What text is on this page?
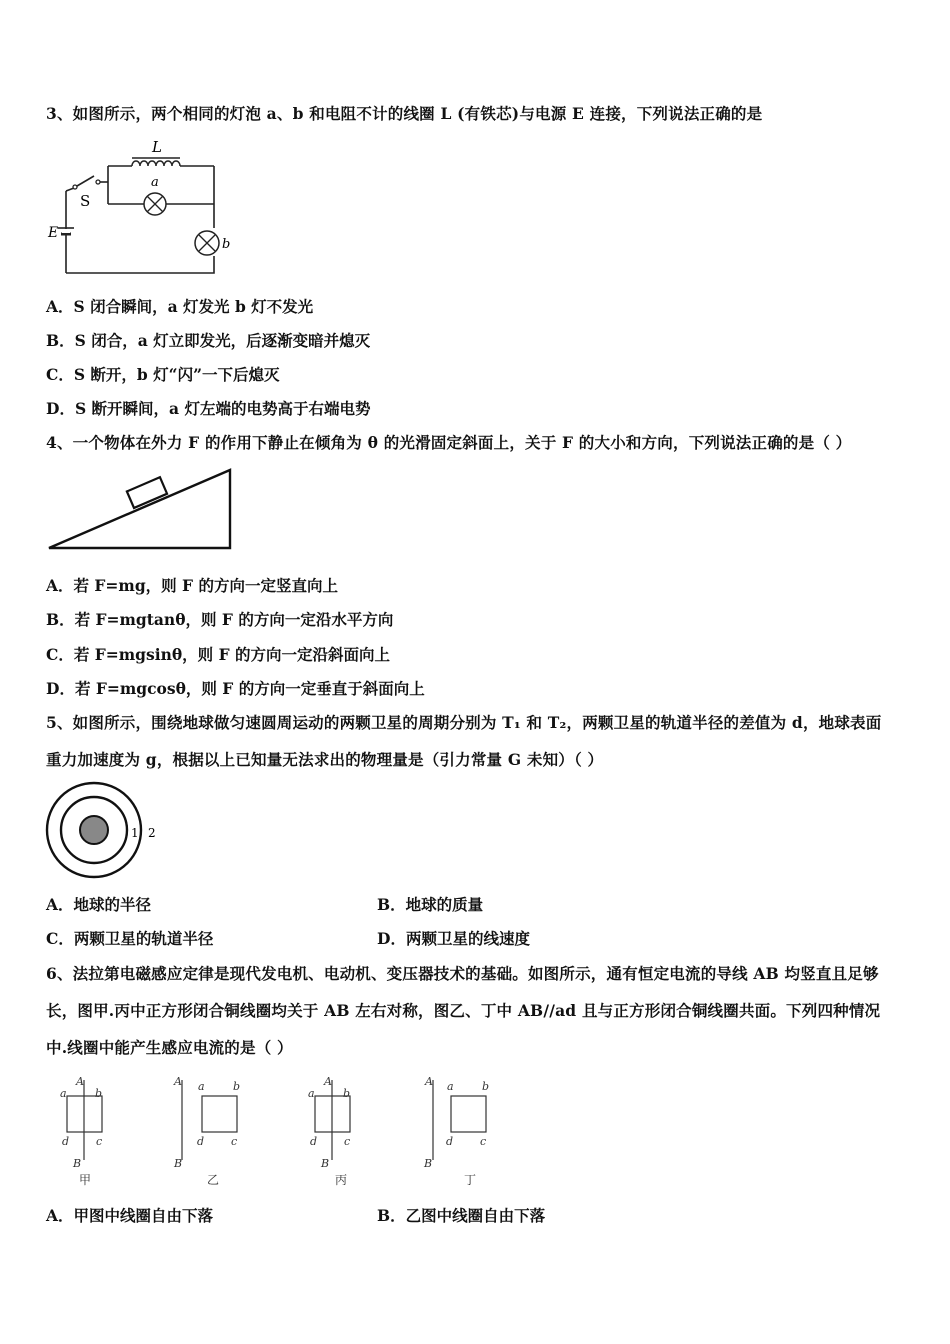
3、如图所示，两个相同的灯泡 a、b 和电阻不计的线圈 L (有铁芯)与电源 E 连接，下列说法正确的是
E
S
L
a
b
A．S 闭合瞬间，a 灯发光 b 灯不发光
B．S 闭合，a 灯立即发光，后逐渐变暗并熄灭
C．S 断开，b 灯“闪”一下后熄灭
D．S 断开瞬间，a 灯左端的电势高于右端电势
4、一个物体在外力 F 的作用下静止在倾角为 θ 的光滑固定斜面上，关于 F 的大小和方向，下列说法正确的是（ ）
A．若 F=mg，则 F 的方向一定竖直向上
B．若 F=mgtanθ，则 F 的方向一定沿水平方向
C．若 F=mgsinθ，则 F 的方向一定沿斜面向上
D．若 F=mgcosθ，则 F 的方向一定垂直于斜面向上
5、如图所示，围绕地球做匀速圆周运动的两颗卫星的周期分别为 T₁ 和 T₂，两颗卫星的轨道半径的差值为 d，地球表面
重力加速度为 g，根据以上已知量无法求出的物理量是（引力常量 G 未知）（ ）
1 2
A．地球的半径	B．地球的质量
C．两颗卫星的轨道半径	D．两颗卫星的线速度
6、法拉第电磁感应定律是现代发电机、电动机、变压器技术的基础。如图所示，通有恒定电流的导线 AB 均竖直且足够
长，图甲.丙中正方形闭合铜线圈均关于 AB 左右对称，图乙、丁中 AB//ad 且与正方形闭合铜线圈共面。下列四种情况
中.线圈中能产生感应电流的是（ ）
A
a	b
d c
B
甲
A a	b
d c
B
乙
A
a	b
d c
B
丙
A a	b
d c
B
丁
A．甲图中线圈自由下落	B．乙图中线圈自由下落
